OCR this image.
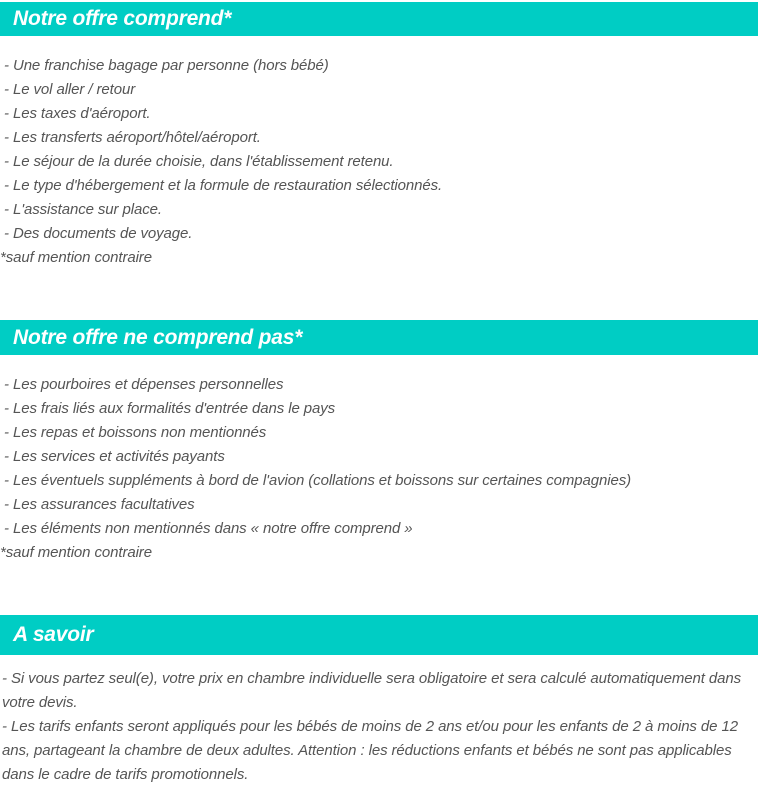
Notre offre comprend*

- Une franchise bagage par personne (hors bébé)

- Le vol aller / retour

- Les taxes d'aéroport.

- Les transferts aéroport/hôtel/aéroport.

- Le séjour de la durée choisie, dans l'établissement retenu.

- Le type d'hébergement et la formule de restauration sélectionnés.

- L'assistance sur place.

- Des documents de voyage.

*sauf mention contraire

Notre offre ne comprend pas*

- Les pourboires et dépenses personnelles

- Les frais liés aux formalités d'entrée dans le pays

- Les repas et boissons non mentionnés

- Les services et activités payants

- Les éventuels suppléments à bord de l'avion (collations et boissons sur certaines compagnies)

- Les assurances facultatives

- Les éléments non mentionnés dans « notre offre comprend »

*sauf mention contraire

A savoir

- Si vous partez seul(e), votre prix en chambre individuelle sera obligatoire et sera calculé automatiquement dans votre devis.

- Les tarifs enfants seront appliqués pour les bébés de moins de 2 ans et/ou pour les enfants de 2 à moins de 12 ans, partageant la chambre de deux adultes. Attention : les réductions enfants et bébés ne sont pas applicables dans le cadre de tarifs promotionnels.
